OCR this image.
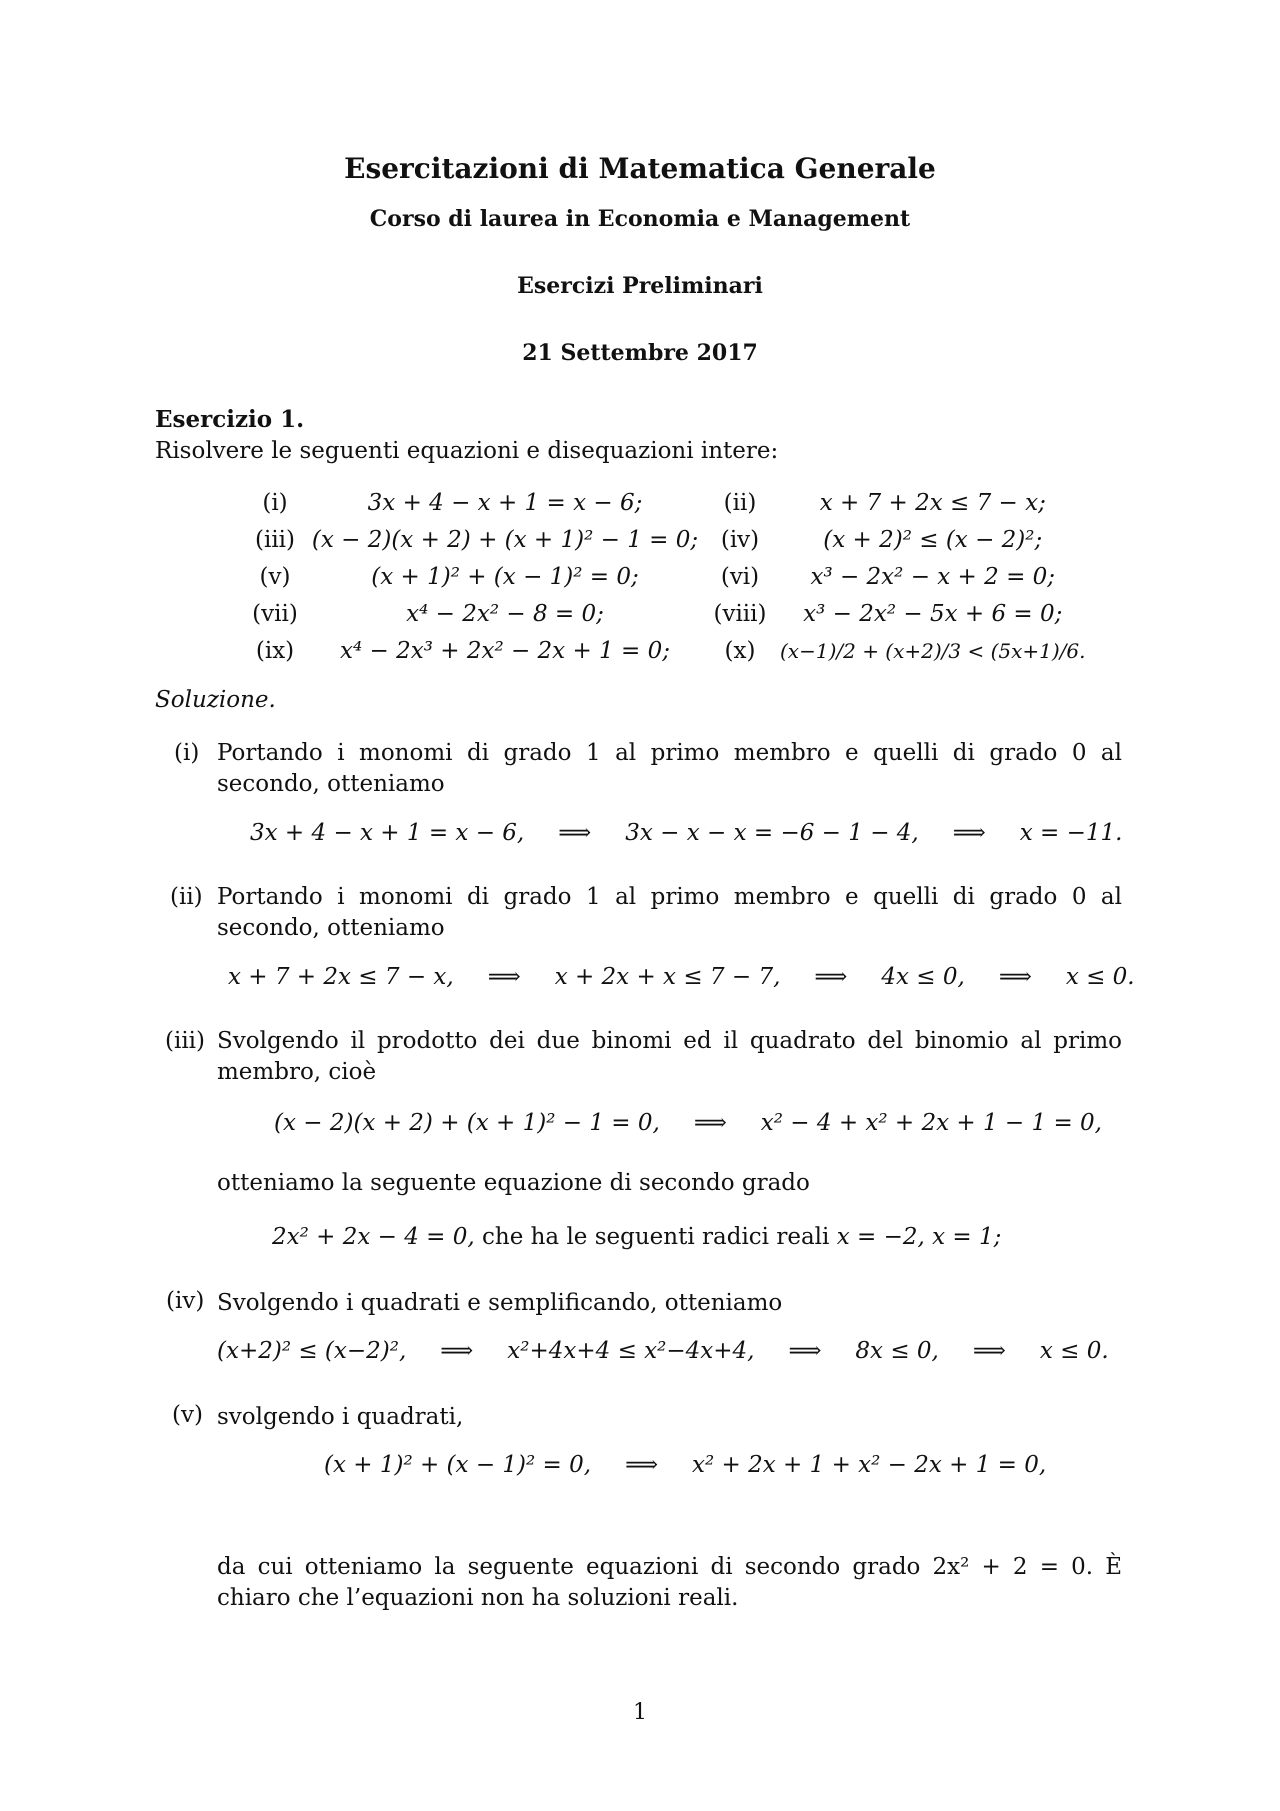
Esercitazioni di Matematica Generale
Corso di laurea in Economia e Management
Esercizi Preliminari
21 Settembre 2017
Esercizio 1.
Risolvere le seguenti equazioni e disequazioni intere:
(i)	3x + 4 − x + 1 = x − 6;	(ii)	x + 7 + 2x ≤ 7 − x;
(iii)	(x − 2)(x + 2) + (x + 1)² − 1 = 0;	(iv)	(x + 2)² ≤ (x − 2)²;
(v)	(x + 1)² + (x − 1)² = 0;	(vi)	x³ − 2x² − x + 2 = 0;
(vii)	x⁴ − 2x² − 8 = 0;	(viii)	x³ − 2x² − 5x + 6 = 0;
(ix)	x⁴ − 2x³ + 2x² − 2x + 1 = 0;	(x)	(x−1)/2 + (x+2)/3 < (5x+1)/6.
Soluzione.
(i) Portando i monomi di grado 1 al primo membro e quelli di grado 0 al secondo, otteniamo
3x + 4 − x + 1 = x − 6, ⟹ 3x − x − x = −6 − 1 − 4, ⟹ x = −11.
(ii) Portando i monomi di grado 1 al primo membro e quelli di grado 0 al secondo, otteniamo
x + 7 + 2x ≤ 7 − x, ⟹ x + 2x + x ≤ 7 − 7, ⟹ 4x ≤ 0, ⟹ x ≤ 0.
(iii) Svolgendo il prodotto dei due binomi ed il quadrato del binomio al primo membro, cioè
(x − 2)(x + 2) + (x + 1)² − 1 = 0, ⟹ x² − 4 + x² + 2x + 1 − 1 = 0,
otteniamo la seguente equazione di secondo grado
2x² + 2x − 4 = 0, che ha le seguenti radici reali x = −2, x = 1;
(iv) Svolgendo i quadrati e semplificando, otteniamo
(x+2)² ≤ (x−2)², ⟹ x²+4x+4 ≤ x²−4x+4, ⟹ 8x ≤ 0, ⟹ x ≤ 0.
(v) svolgendo i quadrati,
(x + 1)² + (x − 1)² = 0, ⟹ x² + 2x + 1 + x² − 2x + 1 = 0,
da cui otteniamo la seguente equazioni di secondo grado 2x² + 2 = 0. È chiaro che l’equazioni non ha soluzioni reali.
1
